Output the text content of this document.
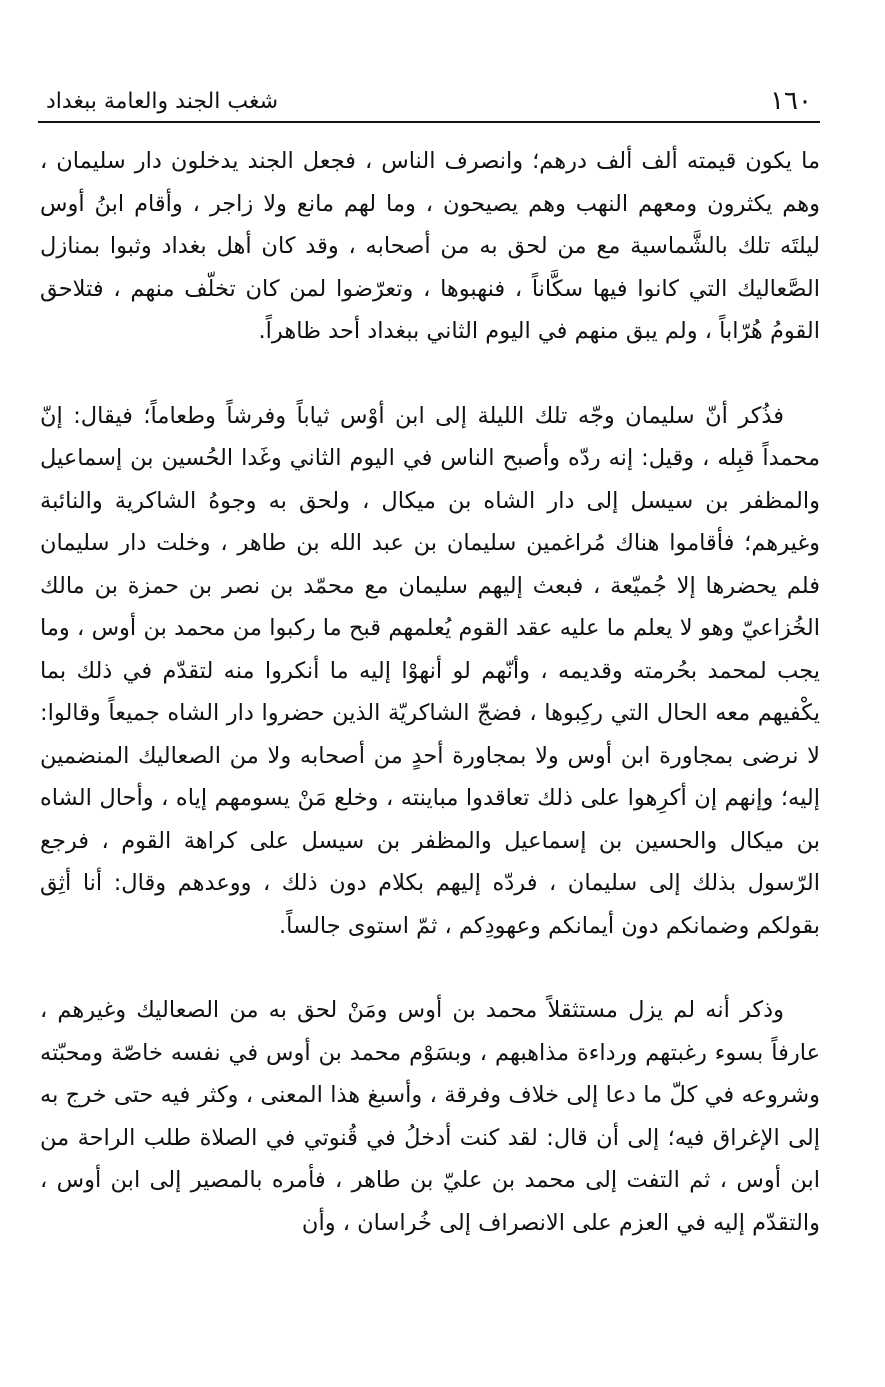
١٦٠
شغب الجند والعامة ببغداد

ما يكون قيمته ألف ألف درهم؛ وانصرف الناس ، فجعل الجند يدخلون دار سليمان ، وهم يكثرون ومعهم النهب وهم يصيحون ، وما لهم مانع ولا زاجر ، وأقام ابنُ أوس ليلتَه تلك بالشَّماسية مع من لحق به من أصحابه ، وقد كان أهل بغداد وثبوا بمنازل الصَّعاليك التي كانوا فيها سكَّاناً ، فنهبوها ، وتعرّضوا لمن كان تخلّف منهم ، فتلاحق القومُ هُرّاباً ، ولم يبق منهم في اليوم الثاني ببغداد أحد ظاهراً.

فذُكر أنّ سليمان وجّه تلك الليلة إلى ابن أوْس ثياباً وفرشاً وطعاماً؛ فيقال: إنّ محمداً قبِله ، وقيل: إنه ردّه وأصبح الناس في اليوم الثاني وغَدا الحُسين بن إسماعيل والمظفر بن سيسل إلى دار الشاه بن ميكال ، ولحق به وجوهُ الشاكرية والنائبة وغيرهم؛ فأقاموا هناك مُراغمين سليمان بن عبد الله بن طاهر ، وخلت دار سليمان فلم يحضرها إلا جُميّعة ، فبعث إليهم سليمان مع محمّد بن نصر بن حمزة بن مالك الخُزاعيّ وهو لا يعلم ما عليه عقد القوم يُعلمهم قبح ما ركبوا من محمد بن أوس ، وما يجب لمحمد بحُرمته وقديمه ، وأنّهم لو أنهوْا إليه ما أنكروا منه لتقدّم في ذلك بما يكْفيهم معه الحال التي ركِبوها ، فضجّ الشاكريّة الذين حضروا دار الشاه جميعاً وقالوا: لا نرضى بمجاورة ابن أوس ولا بمجاورة أحدٍ من أصحابه ولا من الصعاليك المنضمين إليه؛ وإنهم إن أكرِهوا على ذلك تعاقدوا مباينته ، وخلع مَنْ يسومهم إياه ، وأحال الشاه بن ميكال والحسين بن إسماعيل والمظفر بن سيسل على كراهة القوم ، فرجع الرّسول بذلك إلى سليمان ، فردّه إليهم بكلام دون ذلك ، ووعدهم وقال: أنا أثِق بقولكم وضمانكم دون أيمانكم وعهودِكم ، ثمّ استوى جالساً.

وذكر أنه لم يزل مستثقلاً محمد بن أوس ومَنْ لحق به من الصعاليك وغيرهم ، عارفاً بسوء رغبتهم ورداءة مذاهبهم ، وبسَوْم محمد بن أوس في نفسه خاصّة ومحبّته وشروعه في كلّ ما دعا إلى خلاف وفرقة ، وأسبغ هذا المعنى ، وكثر فيه حتى خرج به إلى الإغراق فيه؛ إلى أن قال: لقد كنت أدخلُ في قُنوتي في الصلاة طلب الراحة من ابن أوس ، ثم التفت إلى محمد بن عليّ بن طاهر ، فأمره بالمصير إلى ابن أوس ، والتقدّم إليه في العزم على الانصراف إلى خُراسان ، وأن
